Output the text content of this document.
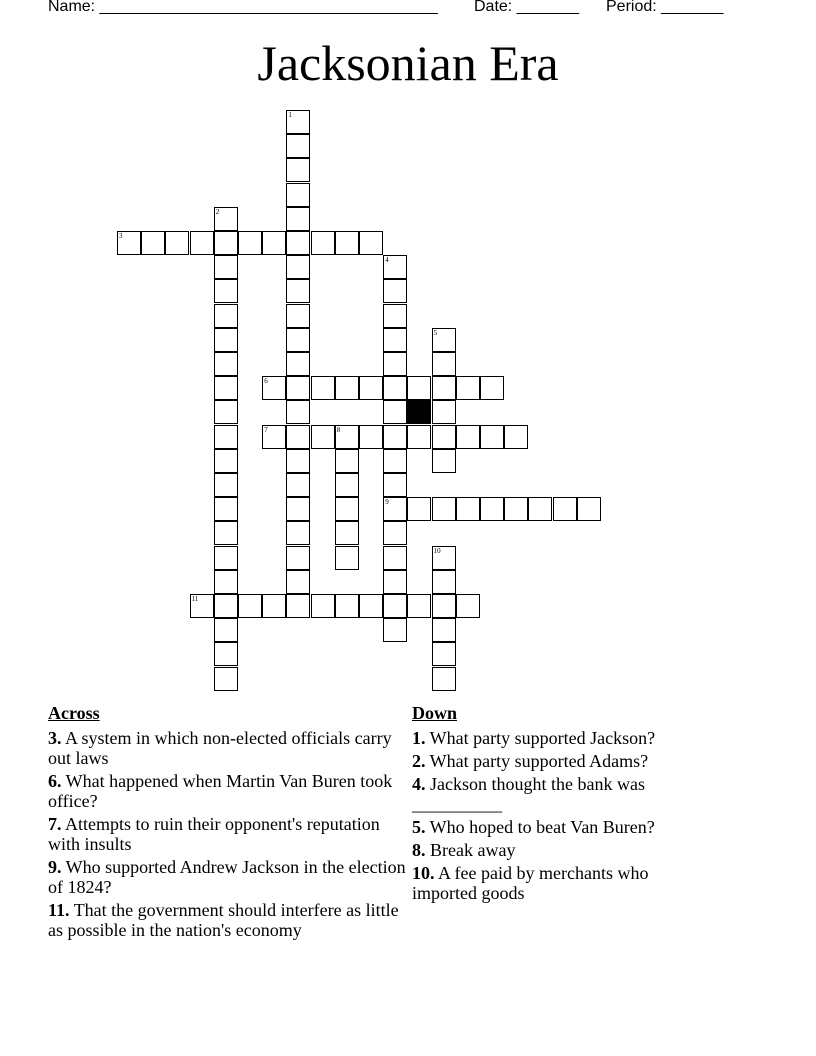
Name: ______________________________________ Date: _______ Period: _______
Jacksonian Era
1
2
3
4
9
5
6
7	8
10
11
Across
3. A system in which non-elected officials carry out laws
6. What happened when Martin Van Buren took office?
7. Attempts to ruin their opponent's reputation with insults
9. Who supported Andrew Jackson in the election of 1824?
11. That the government should interfere as little as possible in the nation's economy
Down
1. What party supported Jackson?
2. What party supported Adams?
4. Jackson thought the bank was __________
5. Who hoped to beat Van Buren?
8. Break away
10. A fee paid by merchants who imported goods
